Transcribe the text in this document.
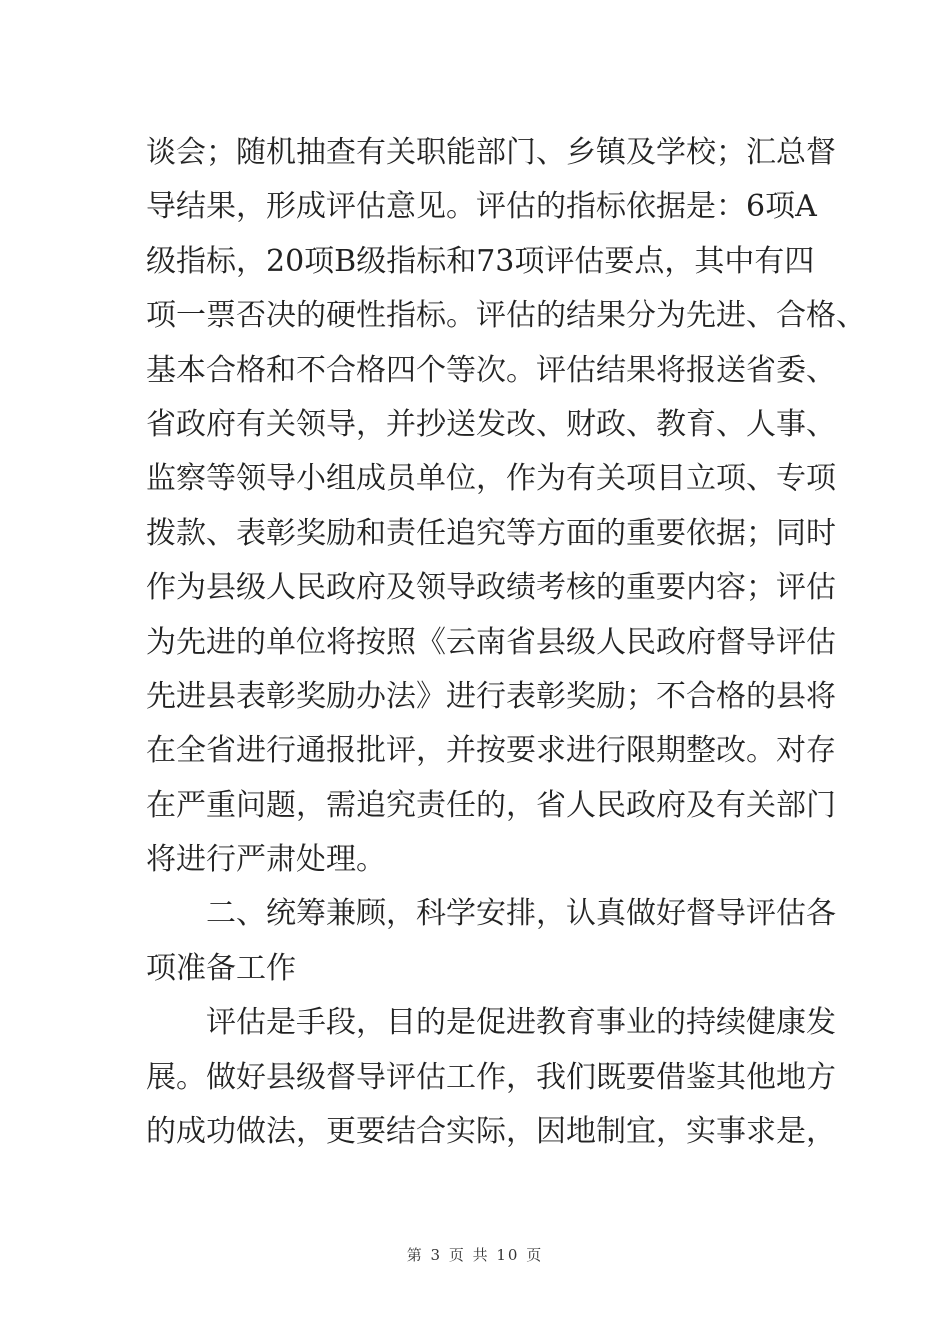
谈会；随机抽查有关职能部门、乡镇及学校；汇总督
导结果，形成评估意见。评估的指标依据是：6项A
级指标，20项B级指标和73项评估要点，其中有四
项一票否决的硬性指标。评估的结果分为先进、合格、
基本合格和不合格四个等次。评估结果将报送省委、
省政府有关领导，并抄送发改、财政、教育、人事、
监察等领导小组成员单位，作为有关项目立项、专项
拨款、表彰奖励和责任追究等方面的重要依据；同时
作为县级人民政府及领导政绩考核的重要内容；评估
为先进的单位将按照《云南省县级人民政府督导评估
先进县表彰奖励办法》进行表彰奖励；不合格的县将
在全省进行通报批评，并按要求进行限期整改。对存
在严重问题，需追究责任的，省人民政府及有关部门
将进行严肃处理。
二、统筹兼顾，科学安排，认真做好督导评估各
项准备工作
评估是手段，目的是促进教育事业的持续健康发
展。做好县级督导评估工作，我们既要借鉴其他地方
的成功做法，更要结合实际，因地制宜，实事求是，
第 3 页 共 10 页
